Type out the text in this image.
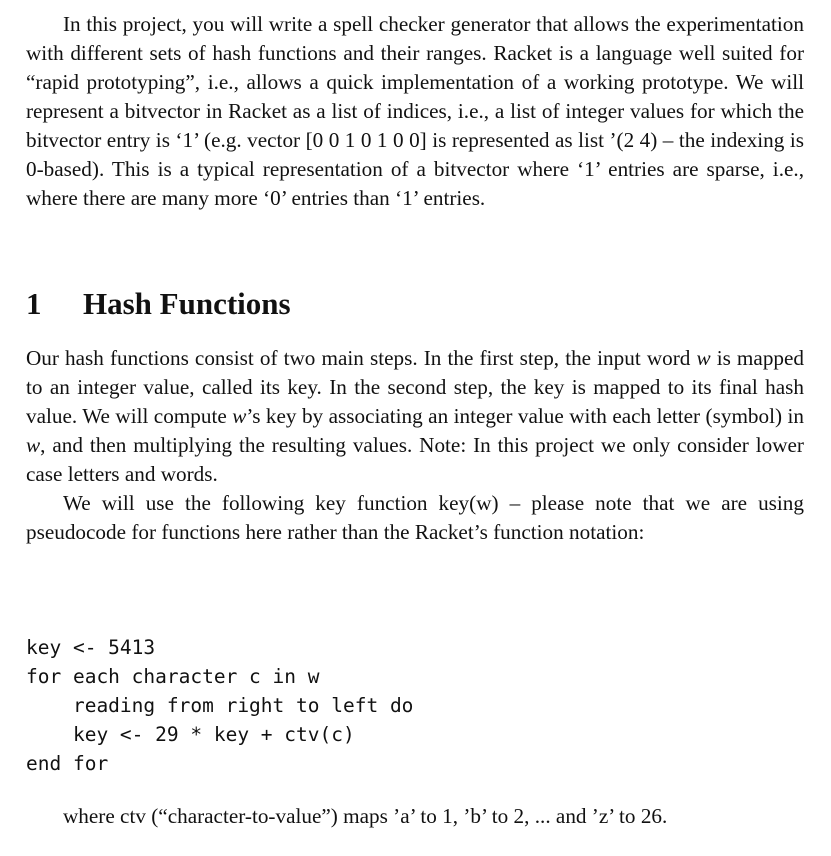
In this project, you will write a spell checker generator that allows the experimentation with different sets of hash functions and their ranges. Racket is a language well suited for “rapid prototyping”, i.e., allows a quick implementation of a working prototype. We will represent a bitvector in Racket as a list of indices, i.e., a list of integer values for which the bitvector entry is ‘1’ (e.g. vector [0 0 1 0 1 0 0] is represented as list ’(2 4) – the indexing is 0-based). This is a typical representation of a bitvector where ‘1’ entries are sparse, i.e., where there are many more ‘0’ entries than ‘1’ entries.

1 Hash Functions

Our hash functions consist of two main steps. In the first step, the input word w is mapped to an integer value, called its key. In the second step, the key is mapped to its final hash value. We will compute w’s key by associating an integer value with each letter (symbol) in w, and then multiplying the resulting values. Note: In this project we only consider lower case letters and words.

We will use the following key function key(w) – please note that we are using pseudocode for functions here rather than the Racket’s function notation:

key <- 5413
for each character c in w
reading from right to left do
key <- 29 * key + ctv(c)
end for

where ctv (“character-to-value”) maps ’a’ to 1, ’b’ to 2, ... and ’z’ to 26.
